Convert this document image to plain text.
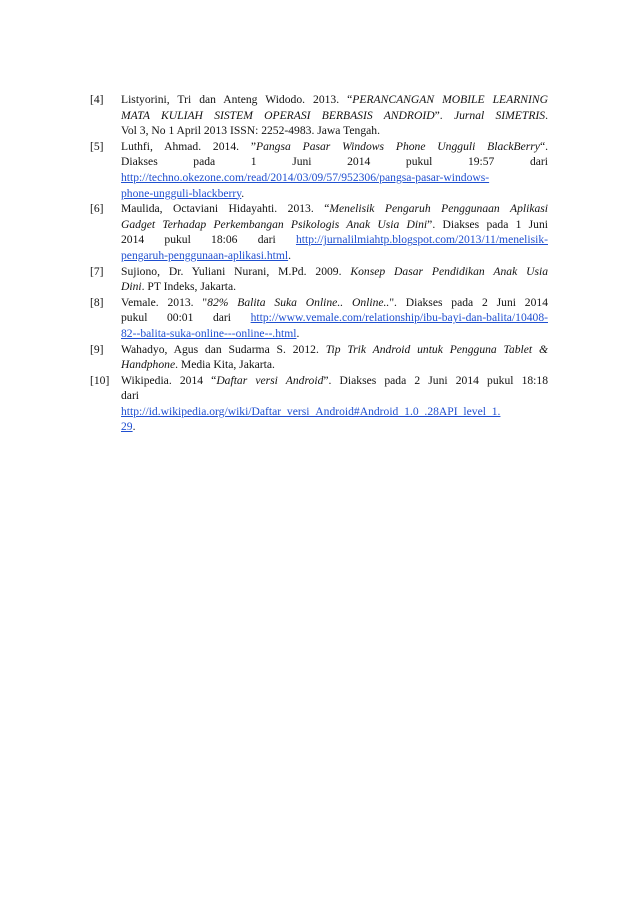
[4]	Listyorini, Tri dan Anteng Widodo. 2013. “PERANCANGAN MOBILE LEARNING
MATA KULIAH SISTEM OPERASI BERBASIS ANDROID”. Jurnal SIMETRIS.
Vol 3, No 1 April 2013 ISSN: 2252-4983. Jawa Tengah.
[5]	Luthfi, Ahmad. 2014. ”Pangsa Pasar Windows Phone Ungguli BlackBerry“.
Diakses pada 1 Juni 2014 pukul 19:57 dari
http://techno.okezone.com/read/2014/03/09/57/952306/pangsa-pasar-windows-
phone-ungguli-blackberry.
[6]	Maulida, Octaviani Hidayahti. 2013. “Menelisik Pengaruh Penggunaan Aplikasi
Gadget Terhadap Perkembangan Psikologis Anak Usia Dini”. Diakses pada 1 Juni
2014 pukul 18:06 dari http://jurnalilmiahtp.blogspot.com/2013/11/menelisik-
pengaruh-penggunaan-aplikasi.html.
[7]	Sujiono, Dr. Yuliani Nurani, M.Pd. 2009. Konsep Dasar Pendidikan Anak Usia
Dini. PT Indeks, Jakarta.
[8]	Vemale. 2013. "82% Balita Suka Online.. Online..". Diakses pada 2 Juni 2014
pukul 00:01 dari http://www.vemale.com/relationship/ibu-bayi-dan-balita/10408-
82--balita-suka-online---online--.html.
[9]	Wahadyo, Agus dan Sudarma S. 2012. Tip Trik Android untuk Pengguna Tablet &
Handphone. Media Kita, Jakarta.
[10]	Wikipedia. 2014 “Daftar versi Android”. Diakses pada 2 Juni 2014 pukul 18:18
dari
http://id.wikipedia.org/wiki/Daftar_versi_Android#Android_1.0_.28API_level_1.
29.
